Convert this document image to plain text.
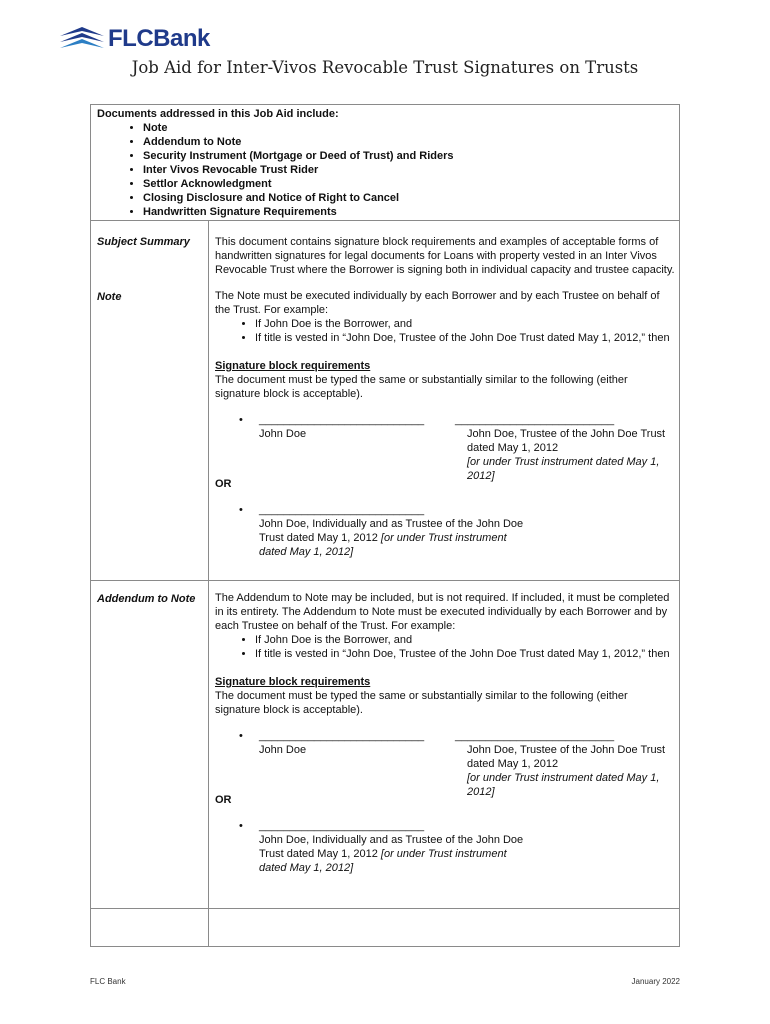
FLCBank
Job Aid for Inter-Vivos Revocable Trust Signatures on Trusts
Documents addressed in this Job Aid include:
• Note
• Addendum to Note
• Security Instrument (Mortgage or Deed of Trust) and Riders
• Inter Vivos Revocable Trust Rider
• Settlor Acknowledgment
• Closing Disclosure and Notice of Right to Cancel
• Handwritten Signature Requirements
Subject Summary	This document contains signature block requirements and examples of acceptable forms of handwritten signatures for legal documents for Loans with property vested in an Inter Vivos Revocable Trust where the Borrower is signing both in individual capacity and trustee capacity.

Note	The Note must be executed individually by each Borrower and by each Trustee on behalf of the Trust. For example:

• If John Doe is the Borrower, and
• If title is vested in “John Doe, Trustee of the John Doe Trust dated May 1, 2012,” then

Signature block requirements

The document must be typed the same or substantially similar to the following (either signature block is acceptable).

• ___________________________
John Doe
__________________________
John Doe, Trustee of the John Doe Trust dated May 1, 2012
[or under Trust instrument dated May 1, 2012]
OR
• ___________________________
John Doe, Individually and as Trustee of the John Doe Trust dated May 1, 2012 [or under Trust instrument dated May 1, 2012]
Addendum to Note	The Addendum to Note may be included, but is not required. If included, it must be completed in its entirety. The Addendum to Note must be executed individually by each Borrower and by each Trustee on behalf of the Trust. For example:

• If John Doe is the Borrower, and
• If title is vested in “John Doe, Trustee of the John Doe Trust dated May 1, 2012,” then

Signature block requirements

The document must be typed the same or substantially similar to the following (either signature block is acceptable).

• ___________________________
John Doe
__________________________
John Doe, Trustee of the John Doe Trust dated May 1, 2012
[or under Trust instrument dated May 1, 2012]
OR
• ___________________________
John Doe, Individually and as Trustee of the John Doe Trust dated May 1, 2012 [or under Trust instrument dated May 1, 2012]
FLC Bank	January 2022
